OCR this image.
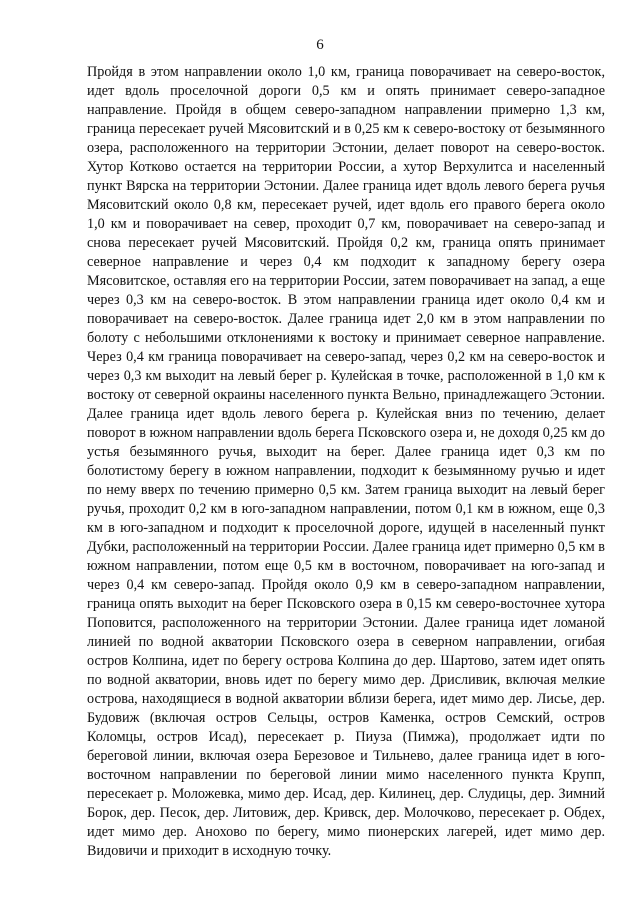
6

Пройдя в этом направлении около 1,0 км, граница поворачивает на северо-восток, идет вдоль проселочной дороги 0,5 км и опять принимает северо-западное направление. Пройдя в общем северо-западном направлении примерно 1,3 км, граница пересекает ручей Мясовитский и в 0,25 км к северо-востоку от безымянного озера, расположенного на территории Эстонии, делает поворот на северо-восток. Хутор Котково остается на территории России, а хутор Верхулитса и населенный пункт Вярска на территории Эстонии. Далее граница идет вдоль левого берега ручья Мясовитский около 0,8 км, пересекает ручей, идет вдоль его правого берега около 1,0 км и поворачивает на север, проходит 0,7 км, поворачивает на северо-запад и снова пересекает ручей Мясовитский. Пройдя 0,2 км, граница опять принимает северное направление и через 0,4 км подходит к западному берегу озера Мясовитское, оставляя его на территории России, затем поворачивает на запад, а еще через 0,3 км на северо-восток. В этом направлении граница идет около 0,4 км и поворачивает на северо-восток. Далее граница идет 2,0 км в этом направлении по болоту с небольшими отклонениями к востоку и принимает северное направление. Через 0,4 км граница поворачивает на северо-запад, через 0,2 км на северо-восток и через 0,3 км выходит на левый берег р. Кулейская в точке, расположенной в 1,0 км к востоку от северной окраины населенного пункта Вельно, принадлежащего Эстонии. Далее граница идет вдоль левого берега р. Кулейская вниз по течению, делает поворот в южном направлении вдоль берега Псковского озера и, не доходя 0,25 км до устья безымянного ручья, выходит на берег. Далее граница идет 0,3 км по болотистому берегу в южном направлении, подходит к безымянному ручью и идет по нему вверх по течению примерно 0,5 км. Затем граница выходит на левый берег ручья, проходит 0,2 км в юго-западном направлении, потом 0,1 км в южном, еще 0,3 км в юго-западном и подходит к проселочной дороге, идущей в населенный пункт Дубки, расположенный на территории России. Далее граница идет примерно 0,5 км в южном направлении, потом еще 0,5 км в восточном, поворачивает на юго-запад и через 0,4 км северо-запад. Пройдя около 0,9 км в северо-западном направлении, граница опять выходит на берег Псковского озера в 0,15 км северо-восточнее хутора Поповится, расположенного на территории Эстонии. Далее граница идет ломаной линией по водной акватории Псковского озера в северном направлении, огибая остров Колпина, идет по берегу острова Колпина до дер. Шартово, затем идет опять по водной акватории, вновь идет по берегу мимо дер. Дрисливик, включая мелкие острова, находящиеся в водной акватории вблизи берега, идет мимо дер. Лисье, дер. Будовиж (включая остров Сельцы, остров Каменка, остров Семский, остров Коломцы, остров Исад), пересекает р. Пиуза (Пимжа), продолжает идти по береговой линии, включая озера Березовое и Тильнево, далее граница идет в юго-восточном направлении по береговой линии мимо населенного пункта Крупп, пересекает р. Моложевка, мимо дер. Исад, дер. Килинец, дер. Слудицы, дер. Зимний Борок, дер. Песок, дер. Литовиж, дер. Кривск, дер. Молочково, пересекает р. Обдех, идет мимо дер. Анохово по берегу, мимо пионерских лагерей, идет мимо дер. Видовичи и приходит в исходную точку.
